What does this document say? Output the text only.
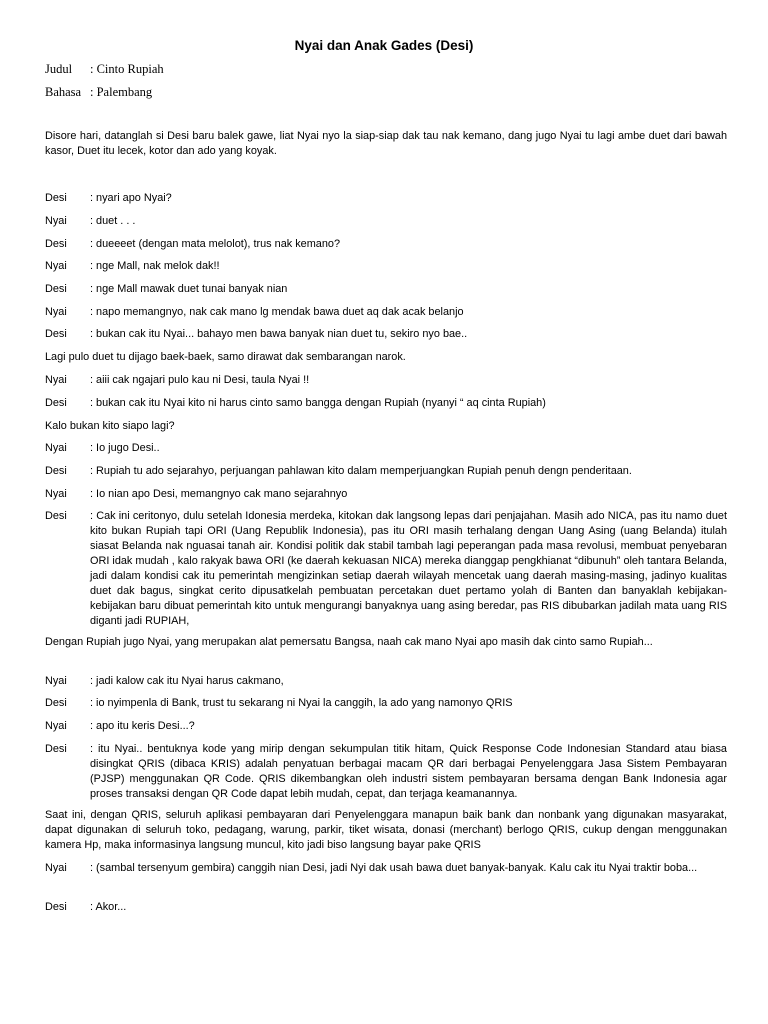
Nyai dan Anak Gades (Desi)
Judul : Cinto Rupiah
Bahasa : Palembang
Disore hari, datanglah si Desi baru balek gawe, liat Nyai nyo la siap-siap dak tau nak kemano, dang jugo Nyai tu lagi ambe duet dari bawah kasor, Duet itu lecek, kotor dan ado yang koyak.
Desi : nyari apo Nyai?
Nyai : duet . . .
Desi : dueeeet (dengan mata melolot), trus nak kemano?
Nyai : nge Mall, nak melok dak!!
Desi : nge Mall mawak duet tunai banyak nian
Nyai : napo memangnyo, nak cak mano lg mendak bawa duet aq dak acak belanjo
Desi : bukan cak itu Nyai... bahayo men bawa banyak nian duet tu, sekiro nyo bae..
Lagi pulo duet tu dijago baek-baek, samo dirawat dak sembarangan narok.
Nyai : aiii cak ngajari pulo kau ni Desi, taula Nyai !!
Desi : bukan cak itu Nyai kito ni harus cinto samo bangga dengan Rupiah (nyanyi “ aq cinta Rupiah)
Kalo bukan kito siapo lagi?
Nyai : Io jugo Desi..
Desi : Rupiah tu ado sejarahyo, perjuangan pahlawan kito dalam memperjuangkan Rupiah penuh dengn penderitaan.
Nyai : Io nian apo Desi, memangnyo cak mano sejarahnyo
Desi : Cak ini ceritonyo, dulu setelah Idonesia merdeka, kitokan dak langsong lepas dari penjajahan. Masih ado NICA, pas itu namo duet kito bukan Rupiah tapi ORI (Uang Republik Indonesia), pas itu ORI masih terhalang dengan Uang Asing (uang Belanda) itulah siasat Belanda nak nguasai tanah air. Kondisi politik dak stabil tambah lagi peperangan pada masa revolusi, membuat penyebaran ORI idak mudah , kalo rakyak bawa ORI (ke daerah kekuasan NICA) mereka dianggap pengkhianat “dibunuh” oleh tantara Belanda, jadi dalam kondisi cak itu pemerintah mengizinkan setiap daerah wilayah mencetak uang daerah masing-masing, jadinyo kualitas duet dak bagus, singkat cerito dipusatkelah pembuatan percetakan duet pertamo yolah di Banten dan banyaklah kebijakan-kebijakan baru dibuat pemerintah kito untuk mengurangi banyaknya uang asing beredar, pas RIS dibubarkan jadilah mata uang RIS diganti jadi RUPIAH,
Dengan Rupiah jugo Nyai, yang merupakan alat pemersatu Bangsa, naah cak mano Nyai apo masih dak cinto samo Rupiah...
Nyai : jadi kalow cak itu Nyai harus cakmano,
Desi : io nyimpenla di Bank, trust tu sekarang ni Nyai la canggih, la ado yang namonyo QRIS
Nyai : apo itu keris Desi...?
Desi : itu Nyai.. bentuknya kode yang mirip dengan sekumpulan titik hitam, Quick Response Code Indonesian Standard atau biasa disingkat QRIS (dibaca KRIS) adalah penyatuan berbagai macam QR dari berbagai Penyelenggara Jasa Sistem Pembayaran (PJSP) menggunakan QR Code. QRIS dikembangkan oleh industri sistem pembayaran bersama dengan Bank Indonesia agar proses transaksi dengan QR Code dapat lebih mudah, cepat, dan terjaga keamanannya.
Saat ini, dengan QRIS, seluruh aplikasi pembayaran dari Penyelenggara manapun baik bank dan nonbank yang digunakan masyarakat, dapat digunakan di seluruh toko, pedagang, warung, parkir, tiket wisata, donasi (merchant) berlogo QRIS, cukup dengan menggunakan kamera Hp, maka informasinya langsung muncul, kito jadi biso langsung bayar pake QRIS
Nyai : (sambal tersenyum gembira) canggih nian Desi, jadi Nyi dak usah bawa duet banyak-banyak. Kalu cak itu Nyai traktir boba...
Desi : Akor...
